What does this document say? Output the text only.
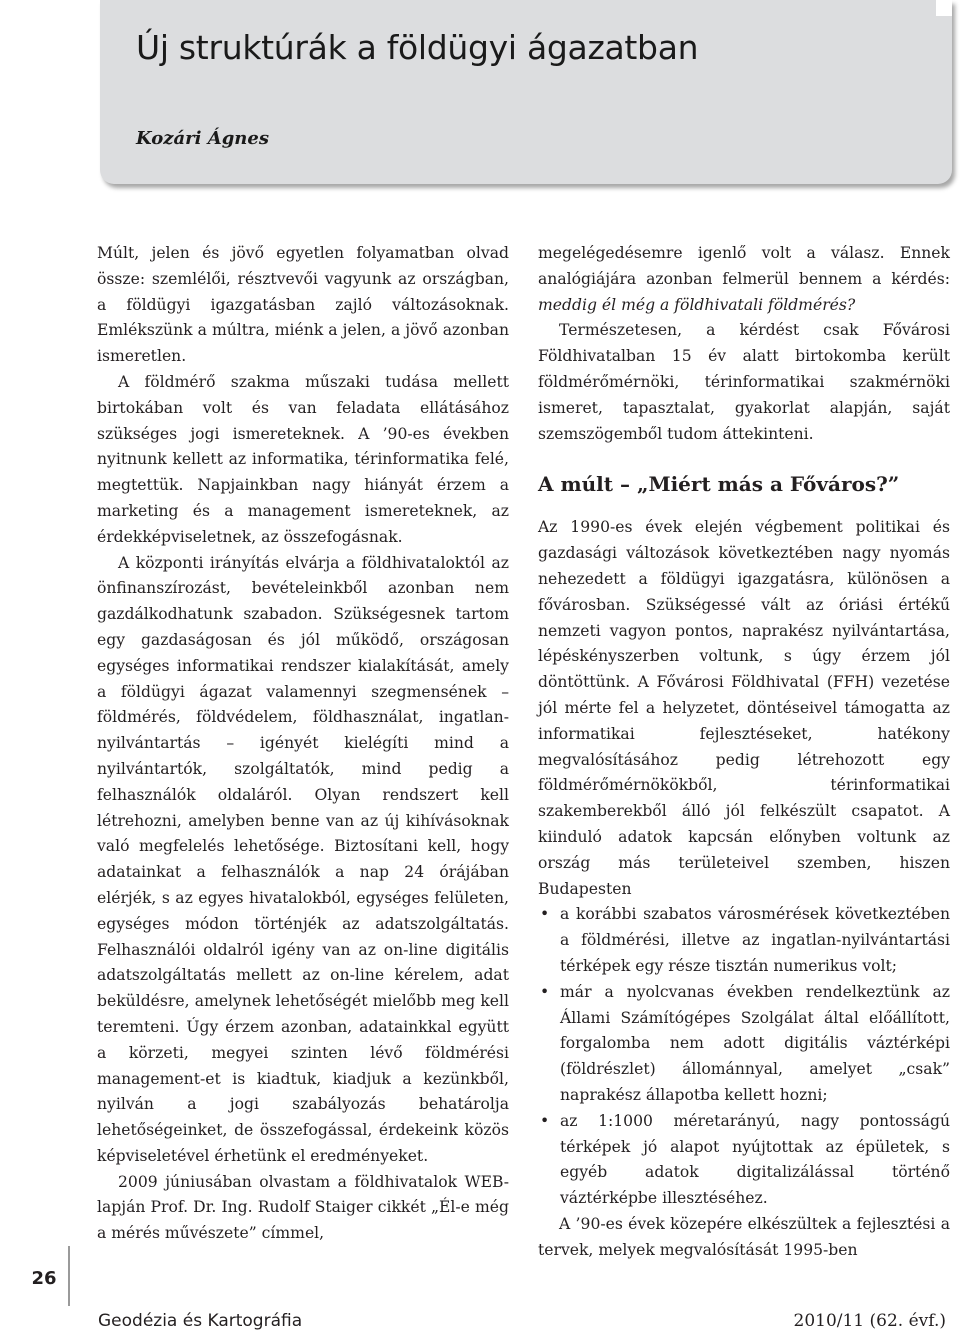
Új struktúrák a földügyi ágazatban
Kozári Ágnes

Múlt, jelen és jövő egyetlen folyamatban olvad össze: szemlélői, résztvevői vagyunk az országban, a földügyi igazgatásban zajló változásoknak. Emlékszünk a múltra, miénk a jelen, a jövő azonban ismeretlen.

A földmérő szakma műszaki tudása mellett birtokában volt és van feladata ellátásához szükséges jogi ismereteknek. A ’90-es években nyitnunk kellett az informatika, térinformatika felé, megtettük. Napjainkban nagy hiányát érzem a marketing és a management ismereteknek, az érdekképviseletnek, az összefogásnak.

A központi irányítás elvárja a földhivataloktól az önfinanszírozást, bevételeinkből azonban nem gazdálkodhatunk szabadon. Szükségesnek tartom egy gazdaságosan és jól működő, országosan egységes informatikai rendszer kialakítását, amely a földügyi ágazat valamennyi szegmensének – földmérés, földvédelem, földhasználat, ingatlan-nyilvántartás – igényét kielégíti mind a nyilvántartók, szolgáltatók, mind pedig a felhasználók oldaláról. Olyan rendszert kell létrehozni, amelyben benne van az új kihívásoknak való megfelelés lehetősége. Biztosítani kell, hogy adatainkat a felhasználók a nap 24 órájában elérjék, s az egyes hivatalokból, egységes felületen, egységes módon történjék az adatszolgáltatás. Felhasználói oldalról igény van az on-line digitális adatszolgáltatás mellett az on-line kérelem, adat beküldésre, amelynek lehetőségét mielőbb meg kell teremteni. Úgy érzem azonban, adatainkkal együtt a körzeti, megyei szinten lévő földmérési management-et is kiadtuk, kiadjuk a kezünkből, nyilván a jogi szabályozás behatárolja lehetőségeinket, de összefogással, érdekeink közös képviseletével érhetünk el eredményeket.

2009 júniusában olvastam a földhivatalok WEB-lapján Prof. Dr. Ing. Rudolf Staiger cikkét „Él-e még a mérés művészete” címmel,

megelégedésemre igenlő volt a válasz. Ennek analógiájára azonban felmerül bennem a kérdés: meddig él még a földhivatali földmérés?

Természetesen, a kérdést csak Fővárosi Földhivatalban 15 év alatt birtokomba került földmérőmérnöki, térinformatikai szakmérnöki ismeret, tapasztalat, gyakorlat alapján, saját szemszögemből tudom áttekinteni.

A múlt – „Miért más a Főváros?”

Az 1990-es évek elején végbement politikai és gazdasági változások következtében nagy nyomás nehezedett a földügyi igazgatásra, különösen a fővárosban. Szükségessé vált az óriási értékű nemzeti vagyon pontos, naprakész nyilvántartása, lépéskényszerben voltunk, s úgy érzem jól döntöttünk. A Fővárosi Földhivatal (FFH) vezetése jól mérte fel a helyzetet, döntéseivel támogatta az informatikai fejlesztéseket, hatékony megvalósításához pedig létrehozott egy földmérőmérnökökből, térinformatikai szakemberekből álló jól felkészült csapatot. A kiinduló adatok kapcsán előnyben voltunk az ország más területeivel szemben, hiszen Budapesten

• a korábbi szabatos városmérések következtében a földmérési, illetve az ingatlan-nyilvántartási térképek egy része tisztán numerikus volt;
• már a nyolcvanas években rendelkeztünk az Állami Számítógépes Szolgálat által előállított, forgalomba nem adott digitális váztérképi (földrészlet) állománnyal, amelyet „csak” naprakész állapotba kellett hozni;
• az 1:1000 méretarányú, nagy pontosságú térképek jó alapot nyújtottak az épületek, s egyéb adatok digitalizálással történő váztérképbe illesztéséhez.

A ’90-es évek közepére elkészültek a fejlesztési a tervek, melyek megvalósítását 1995-ben

26
Geodézia és Kartográfia	2010/11 (62. évf.)
